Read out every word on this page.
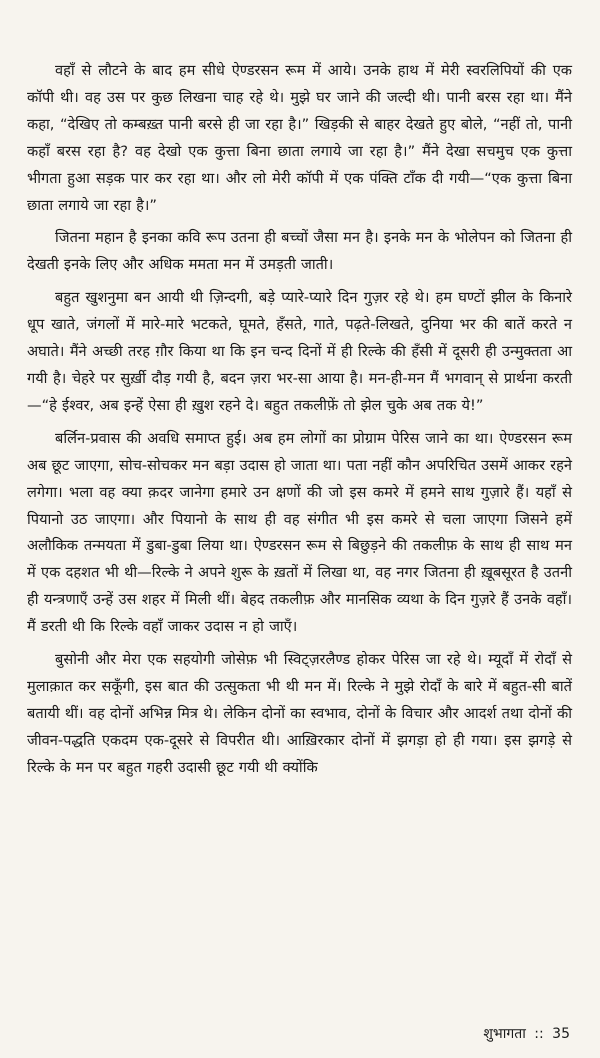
वहाँ से लौटने के बाद हम सीधे ऐण्डरसन रूम में आये। उनके हाथ में मेरी स्वरलिपियों की एक कॉपी थी। वह उस पर कुछ लिखना चाह रहे थे। मुझे घर जाने की जल्दी थी। पानी बरस रहा था। मैंने कहा, “देखिए तो कम्बख़्त पानी बरसे ही जा रहा है।” खिड़की से बाहर देखते हुए बोले, “नहीं तो, पानी कहाँ बरस रहा है? वह देखो एक कुत्ता बिना छाता लगाये जा रहा है।” मैंने देखा सचमुच एक कुत्ता भीगता हुआ सड़क पार कर रहा था। और लो मेरी कॉपी में एक पंक्ति टाँक दी गयी—“एक कुत्ता बिना छाता लगाये जा रहा है।”

जितना महान है इनका कवि रूप उतना ही बच्चों जैसा मन है। इनके मन के भोलेपन को जितना ही देखती इनके लिए और अधिक ममता मन में उमड़ती जाती।

बहुत खुशनुमा बन आयी थी ज़िन्दगी, बड़े प्यारे-प्यारे दिन गुज़र रहे थे। हम घण्टों झील के किनारे धूप खाते, जंगलों में मारे-मारे भटकते, घूमते, हँसते, गाते, पढ़ते-लिखते, दुनिया भर की बातें करते न अघाते। मैंने अच्छी तरह ग़ौर किया था कि इन चन्द दिनों में ही रिल्के की हँसी में दूसरी ही उन्मुक्तता आ गयी है। चेहरे पर सुर्ख़ी दौड़ गयी है, बदन ज़रा भर-सा आया है। मन-ही-मन मैं भगवान् से प्रार्थना करती—“हे ईश्वर, अब इन्हें ऐसा ही ख़ुश रहने दे। बहुत तकलीफ़ें तो झेल चुके अब तक ये!”

बर्लिन-प्रवास की अवधि समाप्त हुई। अब हम लोगों का प्रोग्राम पेरिस जाने का था। ऐण्डरसन रूम अब छूट जाएगा, सोच-सोचकर मन बड़ा उदास हो जाता था। पता नहीं कौन अपरिचित उसमें आकर रहने लगेगा। भला वह क्या क़दर जानेगा हमारे उन क्षणों की जो इस कमरे में हमने साथ गुज़ारे हैं। यहाँ से पियानो उठ जाएगा। और पियानो के साथ ही वह संगीत भी इस कमरे से चला जाएगा जिसने हमें अलौकिक तन्मयता में डुबा-डुबा लिया था। ऐण्डरसन रूम से बिछुड़ने की तकलीफ़ के साथ ही साथ मन में एक दहशत भी थी—रिल्के ने अपने शुरू के ख़तों में लिखा था, वह नगर जितना ही ख़ूबसूरत है उतनी ही यन्त्रणाएँ उन्हें उस शहर में मिली थीं। बेहद तकलीफ़ और मानसिक व्यथा के दिन गुज़रे हैं उनके वहाँ। मैं डरती थी कि रिल्के वहाँ जाकर उदास न हो जाएँ।

बुसोनी और मेरा एक सहयोगी जोसेफ़ भी स्विट्ज़रलैण्ड होकर पेरिस जा रहे थे। म्यूदाँ में रोदाँ से मुलाक़ात कर सकूँगी, इस बात की उत्सुकता भी थी मन में। रिल्के ने मुझे रोदाँ के बारे में बहुत-सी बातें बतायी थीं। वह दोनों अभिन्न मित्र थे। लेकिन दोनों का स्वभाव, दोनों के विचार और आदर्श तथा दोनों की जीवन-पद्धति एकदम एक-दूसरे से विपरीत थी। आख़िरकार दोनों में झगड़ा हो ही गया। इस झगड़े से रिल्के के मन पर बहुत गहरी उदासी छूट गयी थी क्योंकि

शुभागता :: 35
